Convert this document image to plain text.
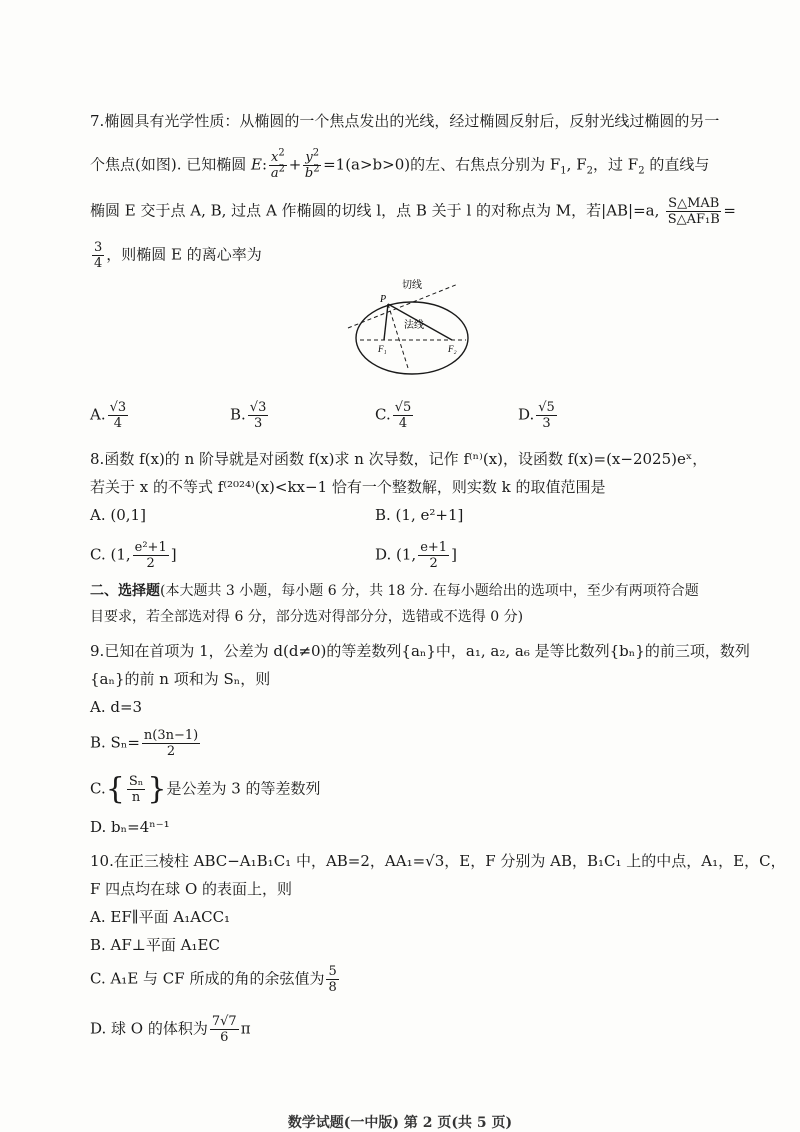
7.椭圆具有光学性质：从椭圆的一个焦点发出的光线，经过椭圆反射后，反射光线过椭圆的另一
个焦点(如图). 已知椭圆 E: $\frac{x^2}{a^2} + \frac{y^2}{b^2} =1(a>b>0)$的左、右焦点分别为 $F_1$, $F_2$，过 $F_2$ 的直线与
椭圆 E 交于点 A, B, 过点 A 作椭圆的切线 l，点 B 关于 l 的对称点为 M，若|AB|=a, $\frac{\text{S△MAB}}{\text{S△AF₁B}}$ =
$\frac{3}{4}$ ，则椭圆 E 的离心率为
P
切线
法线
F₁	F₂
A. $\frac{√3}{4}$	B. $\frac{√3}{3}$	C. $\frac{√5}{4}$	D. $\frac{√5}{3}$
8.函数 f(x)的 n 阶导就是对函数 f(x)求 n 次导数，记作 f⁽ⁿ⁾(x)，设函数 f(x)=(x−2025)eˣ，
若关于 x 的不等式 f⁽²⁰²⁴⁾(x)<kx−1 恰有一个整数解，则实数 k 的取值范围是
A. (0,1]	B. (1, e²+1]
C. (1, $\frac{\text{e²+1}}{2}$ ]	D. (1, $\frac{e+1}{2}$ ]
二、选择题(本大题共 3 小题，每小题 6 分，共 18 分. 在每小题给出的选项中，至少有两项符合题
目要求，若全部选对得 6 分，部分选对得部分分，选错或不选得 0 分)
9.已知在首项为 1，公差为 d(d≠0)的等差数列{aₙ}中，a₁, a₂, a₆ 是等比数列{bₙ}的前三项，数列
{aₙ}的前 n 项和为 Sₙ，则
A. d=3
B. $S_n= \frac{n(3n-1)}{2}$
$C.\{ \frac{\text{Sₙ}}{n}$ }是公差为 3 的等差数列
D. bₙ=4ⁿ⁻¹
10.在正三棱柱 ABC−A₁B₁C₁ 中，AB=2，AA₁=√3，E，F 分别为 AB，B₁C₁ 上的中点，A₁，E，C，
F 四点均在球 O 的表面上，则
A. EF∥平面 A₁ACC₁
B. AF⊥平面 A₁EC
C. A₁E 与 CF 所成的角的余弦值为 $\frac{5}{8}$
D. 球 O 的体积为 $\frac{7√7}{6}$ π
数学试题(一中版) 第 2 页(共 5 页)
